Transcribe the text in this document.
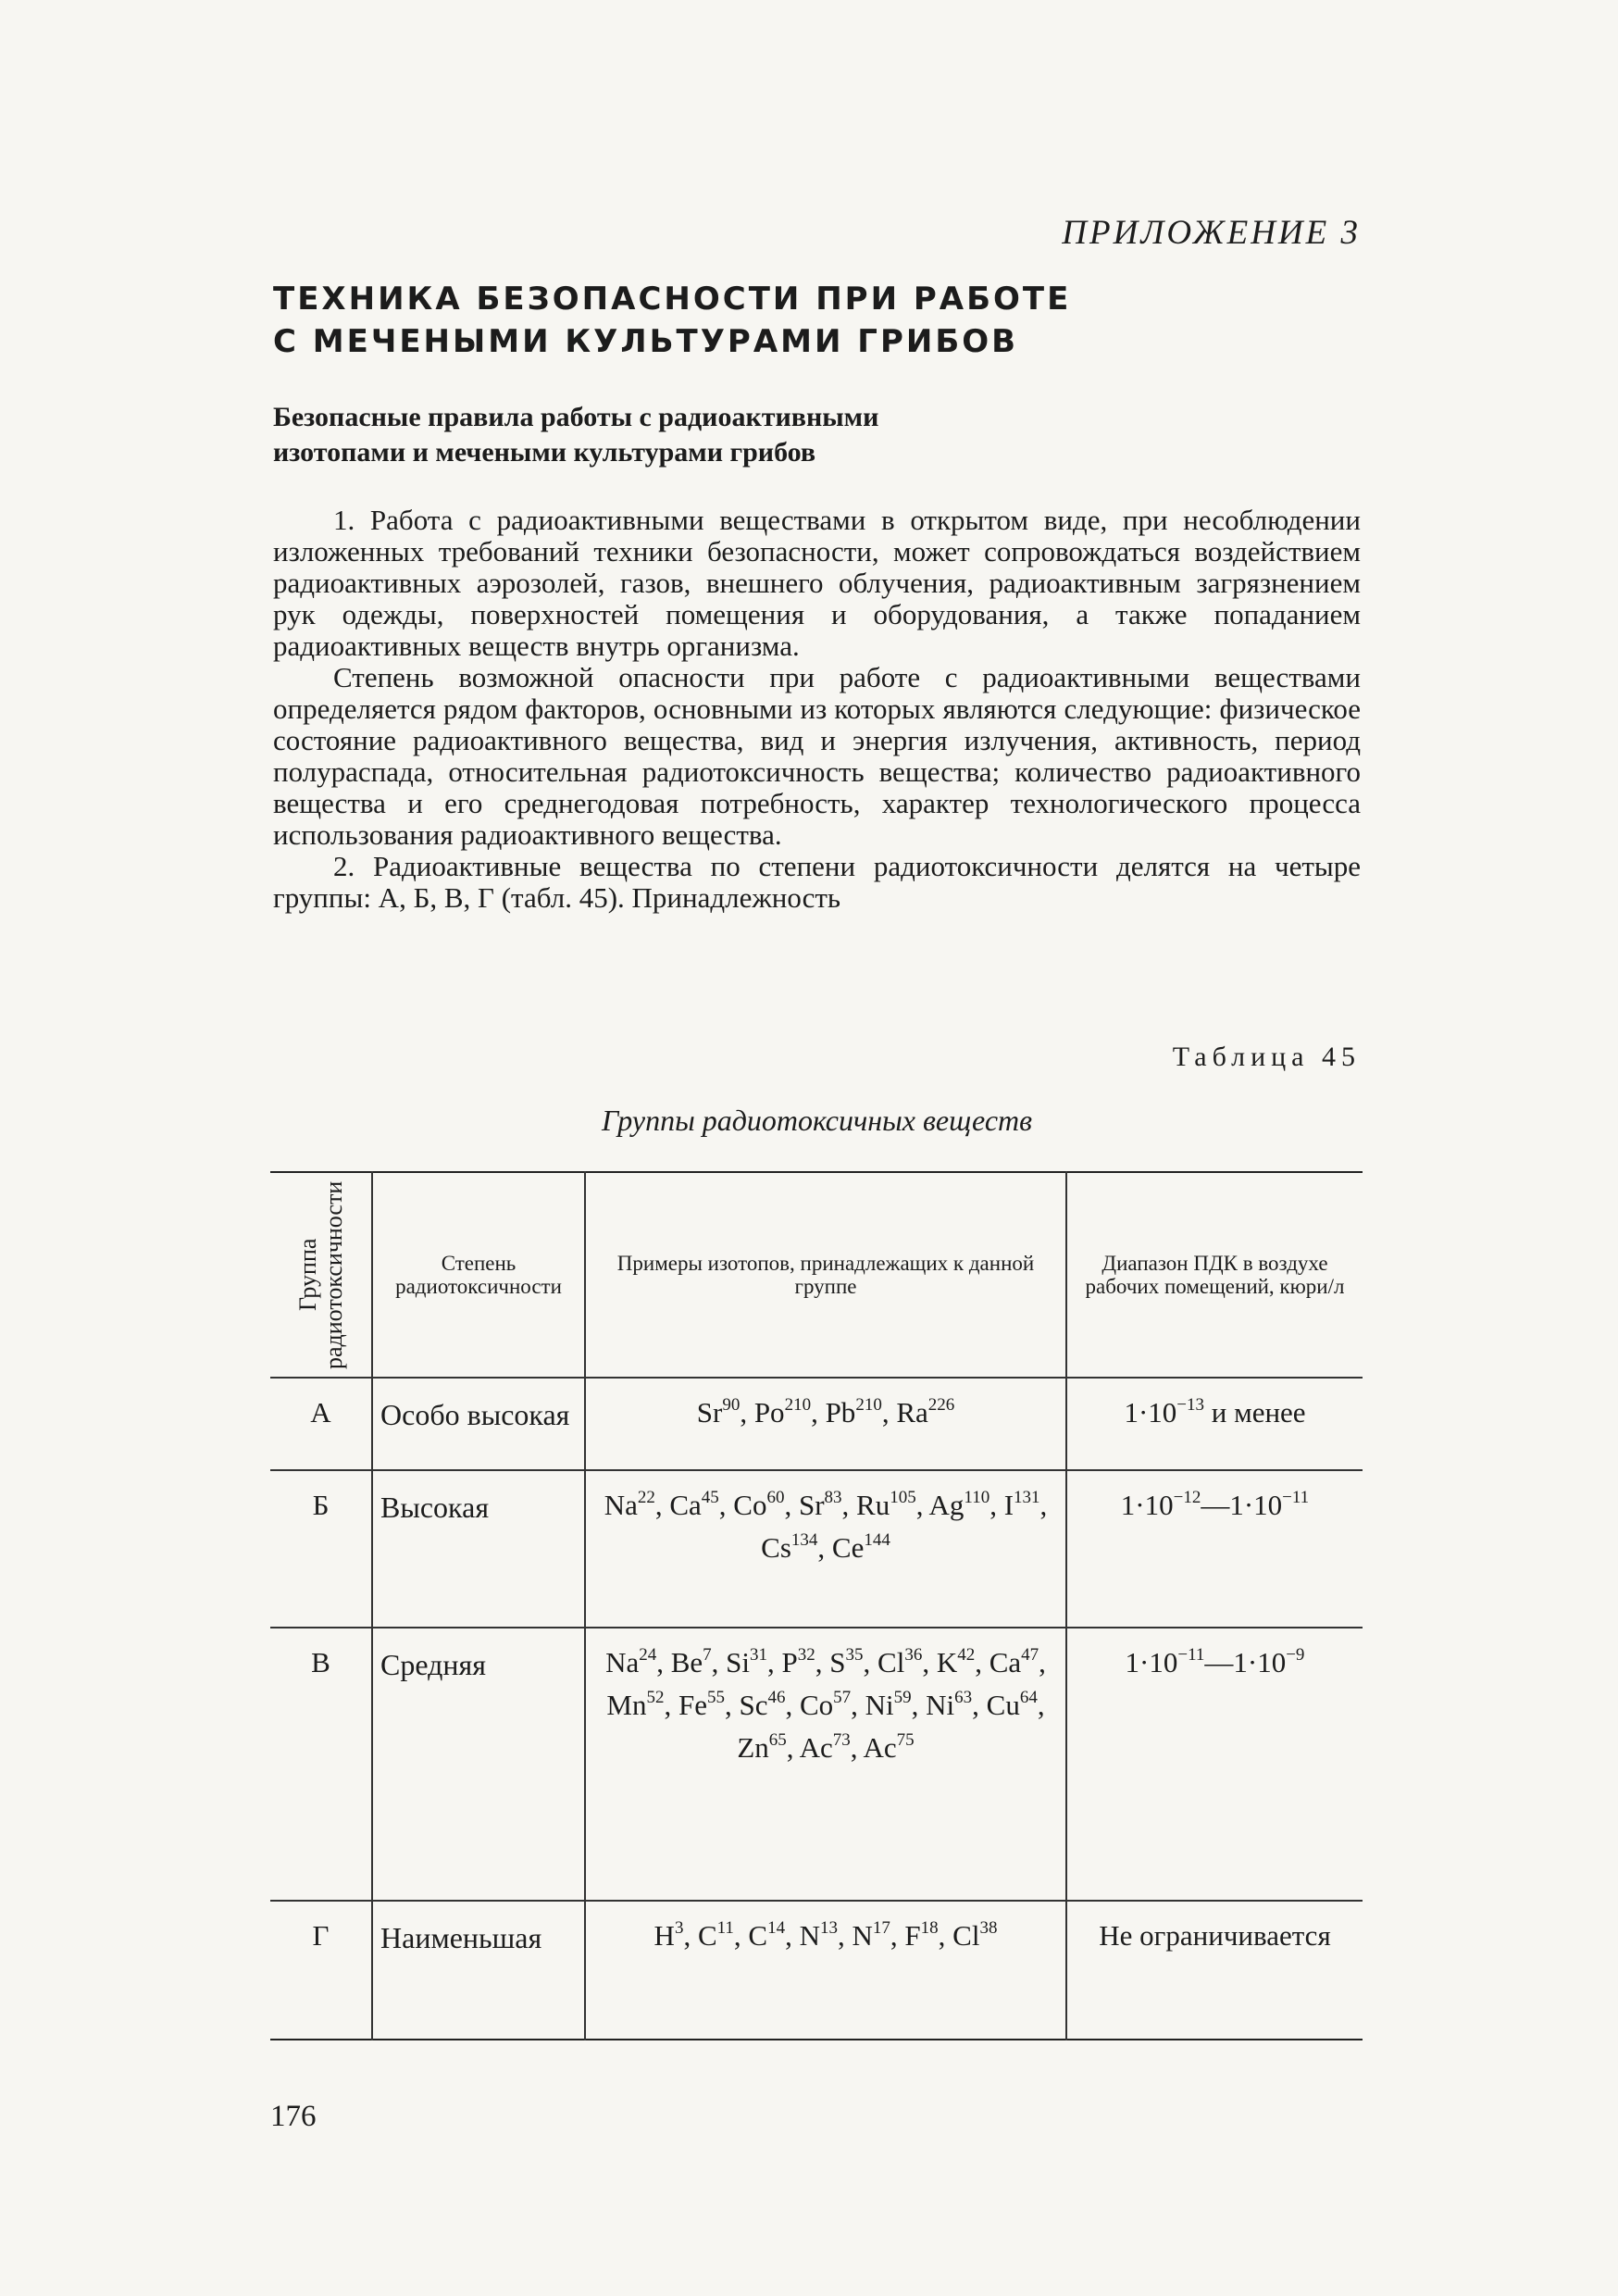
ПРИЛОЖЕНИЕ 3
ТЕХНИКА БЕЗОПАСНОСТИ ПРИ РАБОТЕ
С МЕЧЕНЫМИ КУЛЬТУРАМИ ГРИБОВ
Безопасные правила работы с радиоактивными
изотопами и мечеными культурами грибов

1. Работа с радиоактивными веществами в открытом виде, при несоблюдении изложенных требований техники безопасности, может сопровождаться воздействием радиоактивных аэрозолей, газов, внешнего облучения, радиоактивным загрязнением рук одежды, поверхностей помещения и оборудования, а также попаданием радиоактивных веществ внутрь организма.

Степень возможной опасности при работе с радиоактивными веществами определяется рядом факторов, основными из которых являются следующие: физическое состояние радиоактивного вещества, вид и энергия излучения, активность, период полураспада, относительная радиотоксичность вещества; количество радиоактивного вещества и его среднегодовая потребность, характер технологического процесса использования радиоактивного вещества.

2. Радиоактивные вещества по степени радиотоксичности делятся на четыре группы: А, Б, В, Г (табл. 45). Принадлежность

Таблица 45
Группы радиотоксичных веществ
Группа радиотоксичности	Степень радиотоксичности	Примеры изотопов, принадлежащих к данной группе	Диапазон ПДК в воздухе рабочих помещений, кюри/л
А	Особо высокая	Sr$^{90}$, Po$^{210}$, Pb$^{210}$, Ra$^{226}$	$1\cdot 10^{-13}$ и менее
Б	Высокая	Na$^{22}$, Ca$^{45}$, Co$^{60}$, Sr$^{83}$, Ru$^{105}$, Ag$^{110}$, $I^{131}$, Cs$^{134}$, Ce$^{144}$	$1\cdot 10^{-12}—1\cdot 10^{-11}$
В	Средняя	Na$^{24}$, Be$^7$, Si$^{31}$, $P^{32}$, $S^{35}$, Cl$^{36}$, $K^{42}$, Ca$^{47}$, Mn$^{52}$, Fe$^{55}$, Sc$^{46}$, Co$^{57}$, Ni$^{59}$, Ni$^{63}$, Cu$^{64}$, Zn$^{65}$, Ac$^{73}$, Ac$^{75}$	$1\cdot 10^{-11}—1\cdot 10^{-9}$
Г	Наименьшая	$H^3$, $C^{11}$, $C^{14}$, $N^{13}$, $N^{17}$, $F^{18}$, Cl$^{38}$	Не ограничивается
176
